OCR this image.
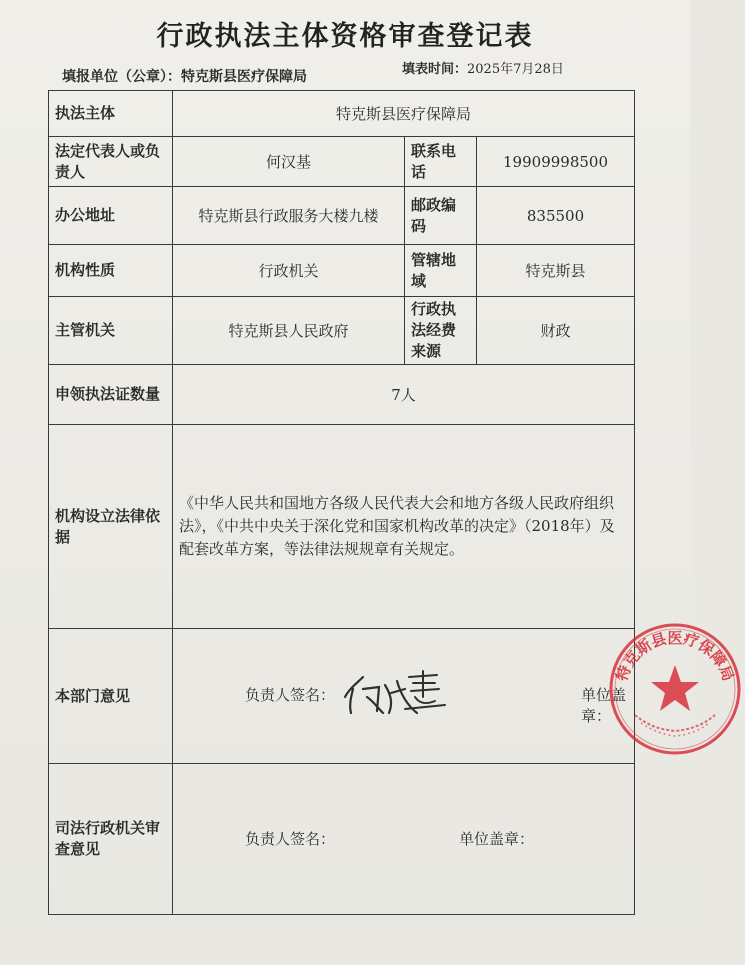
行政执法主体资格审查登记表
填报单位（公章）：特克斯县医疗保障局	填表时间：2025年7月28日
执法主体	特克斯县医疗保障局		
法定代表人或负责人	何汉基	联系电话	19909998500
办公地址	特克斯县行政服务大楼九楼	邮政编码	835500
机构性质	行政机关	管辖地域	特克斯县
主管机关	特克斯县人民政府	行政执法经费来源	财政
申领执法证数量	7人		
机构设立法律依据	《中华人民共和国地方各级人民代表大会和地方各级人民政府组织法》，《中共中央关于深化党和国家机构改革的决定》（2018年）及配套改革方案，等法律法规规章有关规定。		
本部门意见	负责人签名： 单位盖章：
特克斯县医疗保障局		

司法行政机关审查意见	负责人签名： 单位盖章：		
